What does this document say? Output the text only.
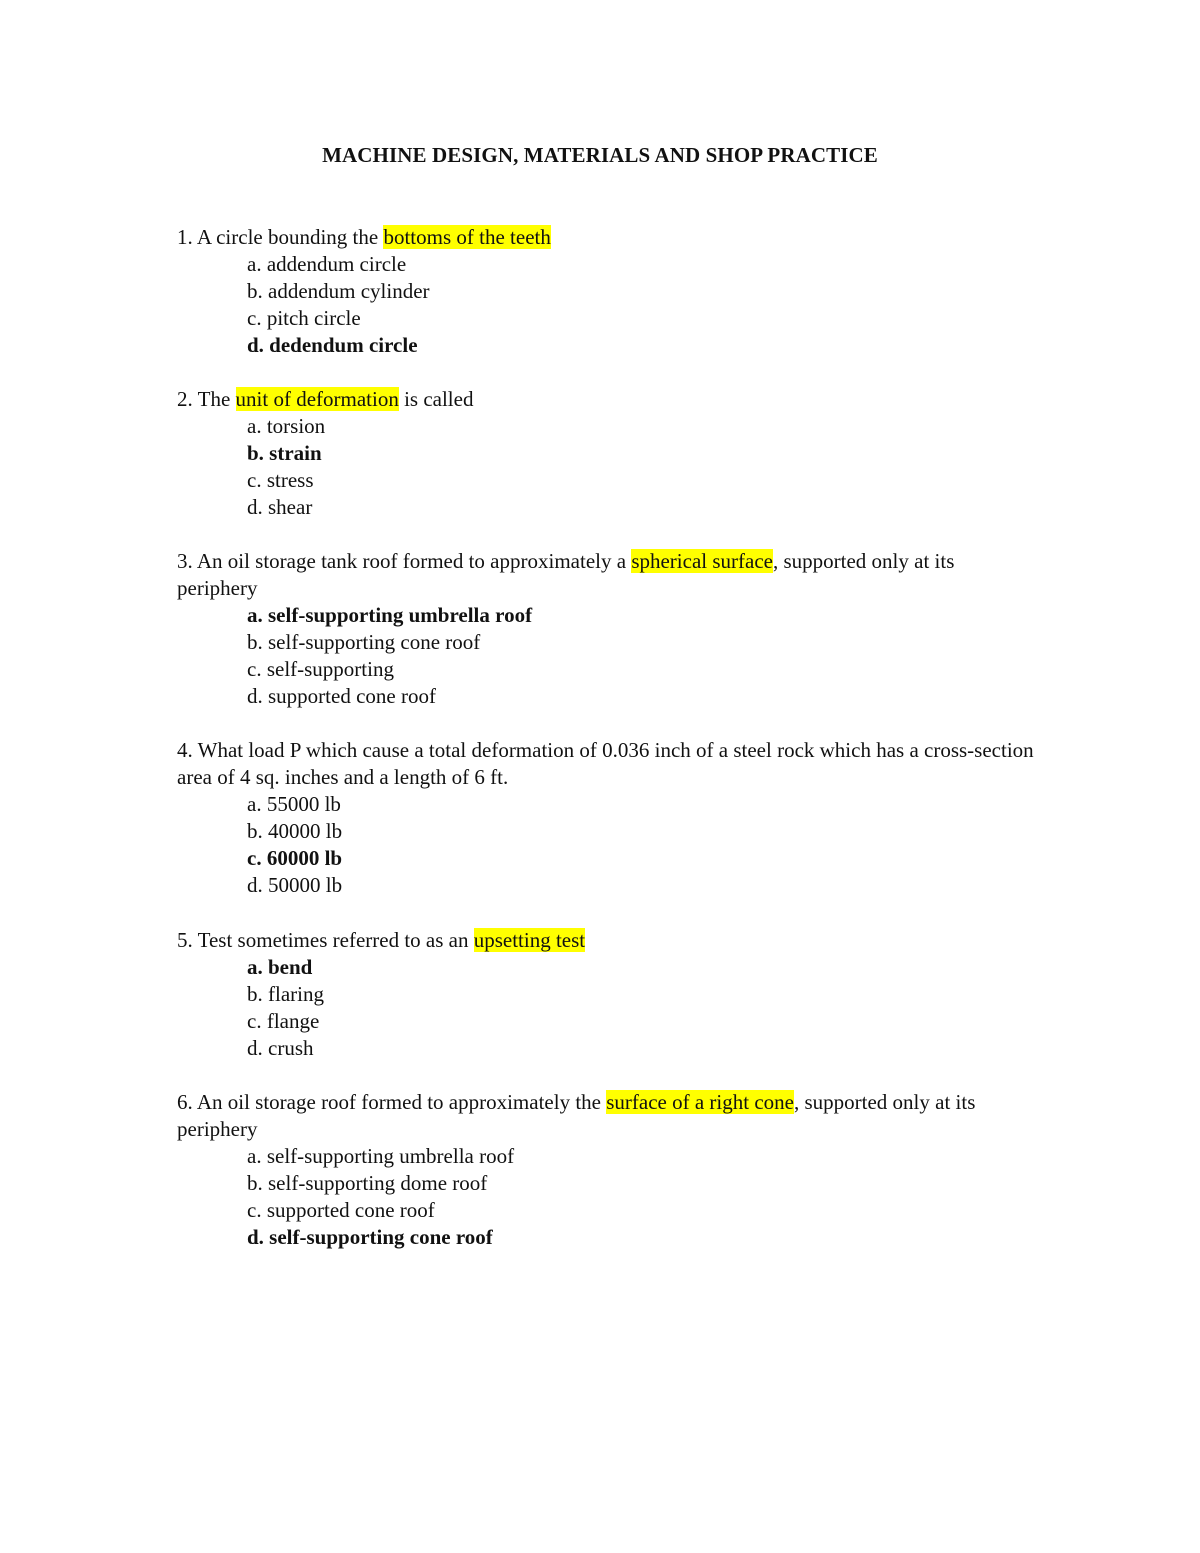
MACHINE DESIGN, MATERIALS AND SHOP PRACTICE

1. A circle bounding the bottoms of the teeth

a. addendum circle
b. addendum cylinder
c. pitch circle
d. dedendum circle

2. The unit of deformation is called

a. torsion
b. strain
c. stress
d. shear

3. An oil storage tank roof formed to approximately a spherical surface, supported only at its periphery

a. self-supporting umbrella roof
b. self-supporting cone roof
c. self-supporting
d. supported cone roof

4. What load P which cause a total deformation of 0.036 inch of a steel rock which has a cross-section area of 4 sq. inches and a length of 6 ft.

a. 55000 lb
b. 40000 lb
c. 60000 lb
d. 50000 lb

5. Test sometimes referred to as an upsetting test

a. bend
b. flaring
c. flange
d. crush

6. An oil storage roof formed to approximately the surface of a right cone, supported only at its periphery

a. self-supporting umbrella roof
b. self-supporting dome roof
c. supported cone roof
d. self-supporting cone roof
